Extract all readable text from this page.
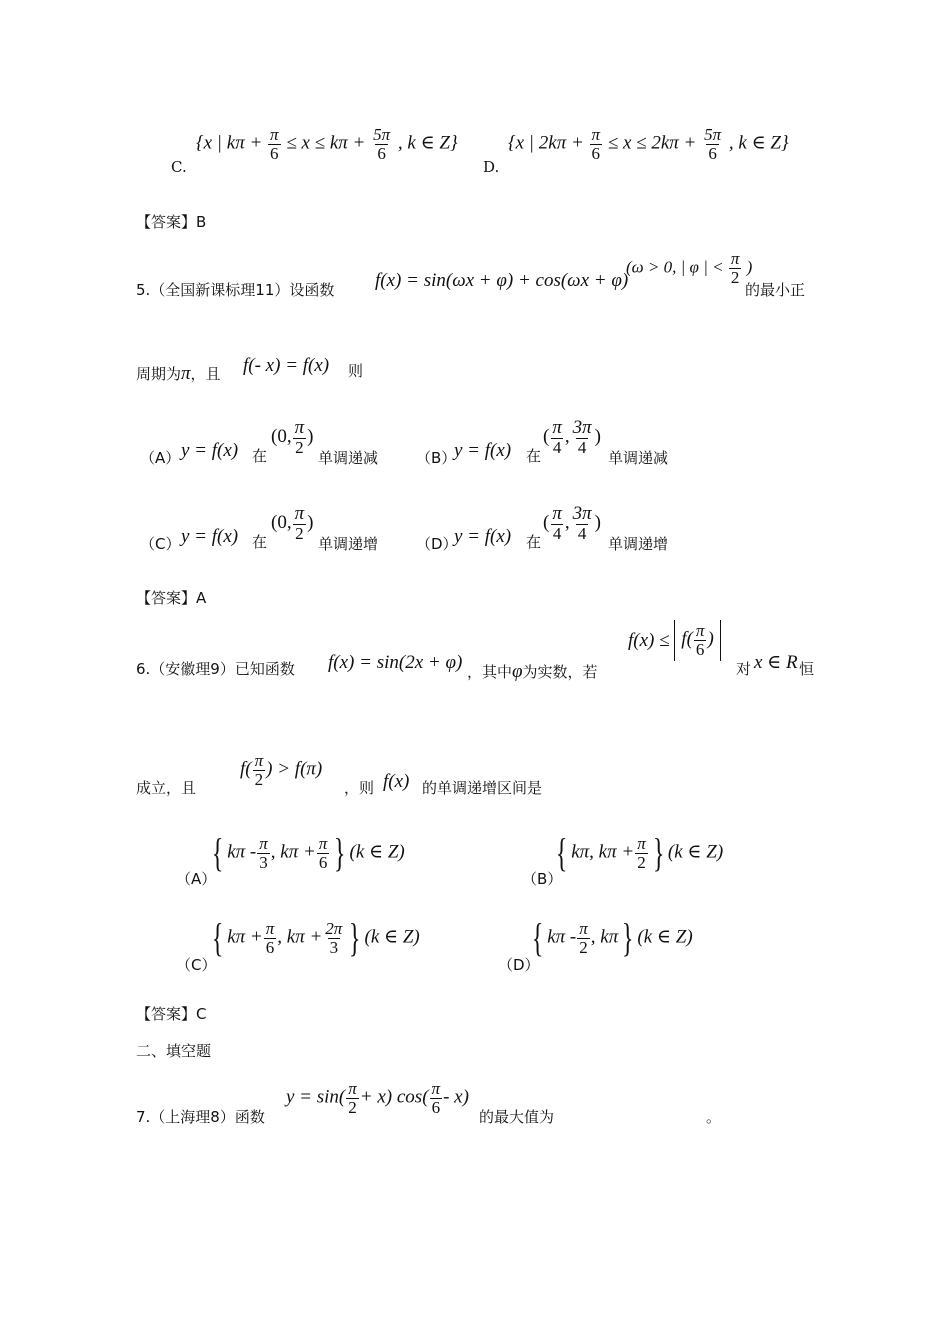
C.
{x | $k\pi + \frac{\pi}{6} \le x \le k\pi + \frac{5\pi}{6}$ , k ∈ Z}
D.
{x | $2k\pi + \frac{\pi}{6} \le x \le 2k\pi + \frac{5\pi}{6}$ , k ∈ Z}
【答案】B
5.（全国新课标理11）设函数 f(x) = sin(ωx + φ) + cos(ωx + φ)
(ω > 0, | φ | < $\frac{\pi}{2}$ )
的最小正
周期为π，且 f(- x) = f(x) 则
（A） y = f(x) 在
(0, $\frac{\pi}{2}$ )
单调递减	（B）
y = f(x) 在
( $\frac{\pi}{4}$ , $\frac{3\pi}{4}$ )
单调递减
（C） y = f(x) 在
(0, $\frac{\pi}{2}$ )
单调递增	（D）
y = f(x) 在
( $\frac{\pi}{4}$ , $\frac{3\pi}{4}$ )
单调递增
【答案】A
6.（安徽理9）已知函数 f(x) = sin(2x + φ) ，其中φ为实数，若
$f(x) \le f( \frac{\pi}{6}$ )
对 x ∈ R 恒
成立，且
$f( \frac{\pi}{2}$ ) > f(π)
，则 f(x) 的单调递增区间是
（A）
{ kπ - $\frac{\pi}{3}$ , $k\pi + \frac{\pi}{6}$ } (k ∈ Z)
（B）
{ kπ, $k\pi + \frac{\pi}{2}$ } (k ∈ Z)
（C）
{ $k\pi + \frac{\pi}{6}$ , $k\pi + \frac{2\pi}{3}$ } (k ∈ Z)
（D）
{ kπ - $\frac{\pi}{2}$ , kπ} (k ∈ Z)
【答案】C
二、填空题
7.（上海理8）函数
$y = \sin( \frac{\pi}{2} + x)$ $\cos( \frac{\pi}{6} - x)$
的最大值为	。
